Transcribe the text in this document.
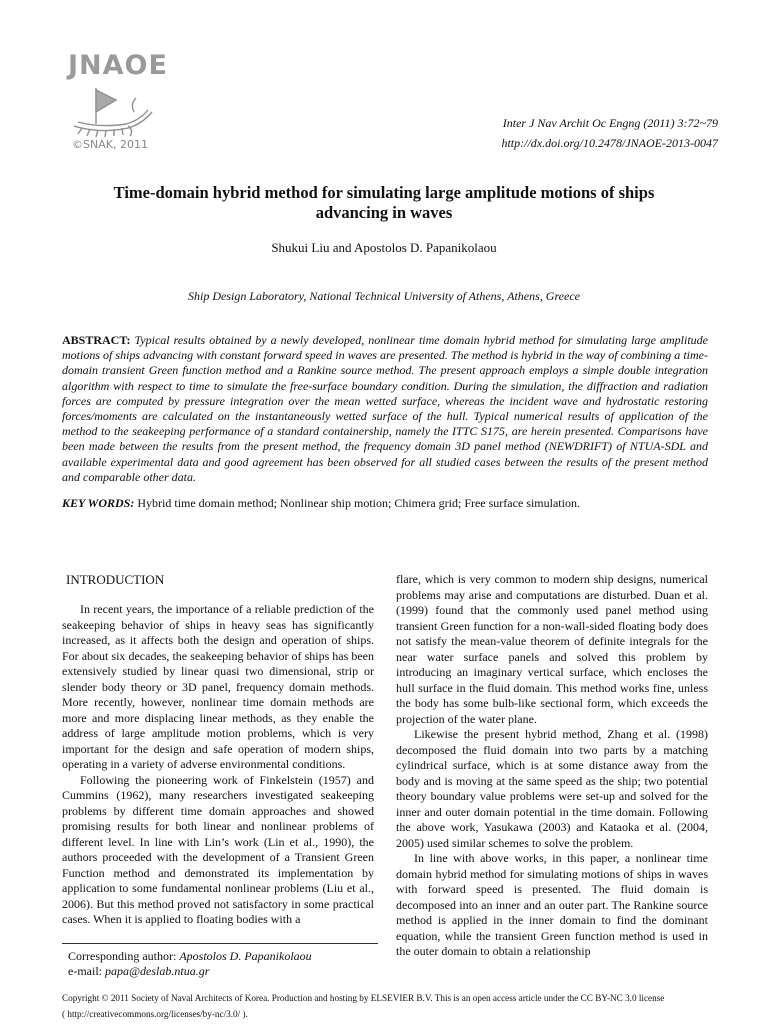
JNAOE
©SNAK, 2011
Inter J Nav Archit Oc Engng (2011) 3:72~79
http://dx.doi.org/10.2478/JNAOE-2013-0047
Time-domain hybrid method for simulating large amplitude motions of ships advancing in waves
Shukui Liu and Apostolos D. Papanikolaou
Ship Design Laboratory, National Technical University of Athens, Athens, Greece
ABSTRACT: Typical results obtained by a newly developed, nonlinear time domain hybrid method for simulating large amplitude motions of ships advancing with constant forward speed in waves are presented. The method is hybrid in the way of combining a time-domain transient Green function method and a Rankine source method. The present approach employs a simple double integration algorithm with respect to time to simulate the free-surface boundary condition. During the simulation, the diffraction and radiation forces are computed by pressure integration over the mean wetted surface, whereas the incident wave and hydrostatic restoring forces/moments are calculated on the instantaneously wetted surface of the hull. Typical numerical results of application of the method to the seakeeping performance of a standard containership, namely the ITTC S175, are herein presented. Comparisons have been made between the results from the present method, the frequency domain 3D panel method (NEWDRIFT) of NTUA-SDL and available experimental data and good agreement has been observed for all studied cases between the results of the present method and comparable other data.
KEY WORDS: Hybrid time domain method; Nonlinear ship motion; Chimera grid; Free surface simulation.
INTRODUCTION

In recent years, the importance of a reliable prediction of the seakeeping behavior of ships in heavy seas has significantly increased, as it affects both the design and operation of ships. For about six decades, the seakeeping behavior of ships has been extensively studied by linear quasi two dimensional, strip or slender body theory or 3D panel, frequency domain methods. More recently, however, nonlinear time domain methods are more and more displacing linear methods, as they enable the address of large amplitude motion problems, which is very important for the design and safe operation of modern ships, operating in a variety of adverse environmental conditions.

Following the pioneering work of Finkelstein (1957) and Cummins (1962), many researchers investigated seakeeping problems by different time domain approaches and showed promising results for both linear and nonlinear problems of different level. In line with Lin’s work (Lin et al., 1990), the authors proceeded with the development of a Transient Green Function method and demonstrated its implementation by application to some fundamental nonlinear problems (Liu et al., 2006). But this method proved not satisfactory in some practical cases. When it is applied to floating bodies with a

flare, which is very common to modern ship designs, numerical problems may arise and computations are disturbed. Duan et al. (1999) found that the commonly used panel method using transient Green function for a non-wall-sided floating body does not satisfy the mean-value theorem of definite integrals for the near water surface panels and solved this problem by introducing an imaginary vertical surface, which encloses the hull surface in the fluid domain. This method works fine, unless the body has some bulb-like sectional form, which exceeds the projection of the water plane.

Likewise the present hybrid method, Zhang et al. (1998) decomposed the fluid domain into two parts by a matching cylindrical surface, which is at some distance away from the body and is moving at the same speed as the ship; two potential theory boundary value problems were set-up and solved for the inner and outer domain potential in the time domain. Following the above work, Yasukawa (2003) and Kataoka et al. (2004, 2005) used similar schemes to solve the problem.

In line with above works, in this paper, a nonlinear time domain hybrid method for simulating motions of ships in waves with forward speed is presented. The fluid domain is decomposed into an inner and an outer part. The Rankine source method is applied in the inner domain to find the dominant equation, while the transient Green function method is used in the outer domain to obtain a relationship

Corresponding author: Apostolos D. Papanikolaou
e-mail: papa@deslab.ntua.gr
Copyright © 2011 Society of Naval Architects of Korea. Production and hosting by ELSEVIER B.V. This is an open access article under the CC BY-NC 3.0 license
( http://creativecommons.org/licenses/by-nc/3.0/ ).
